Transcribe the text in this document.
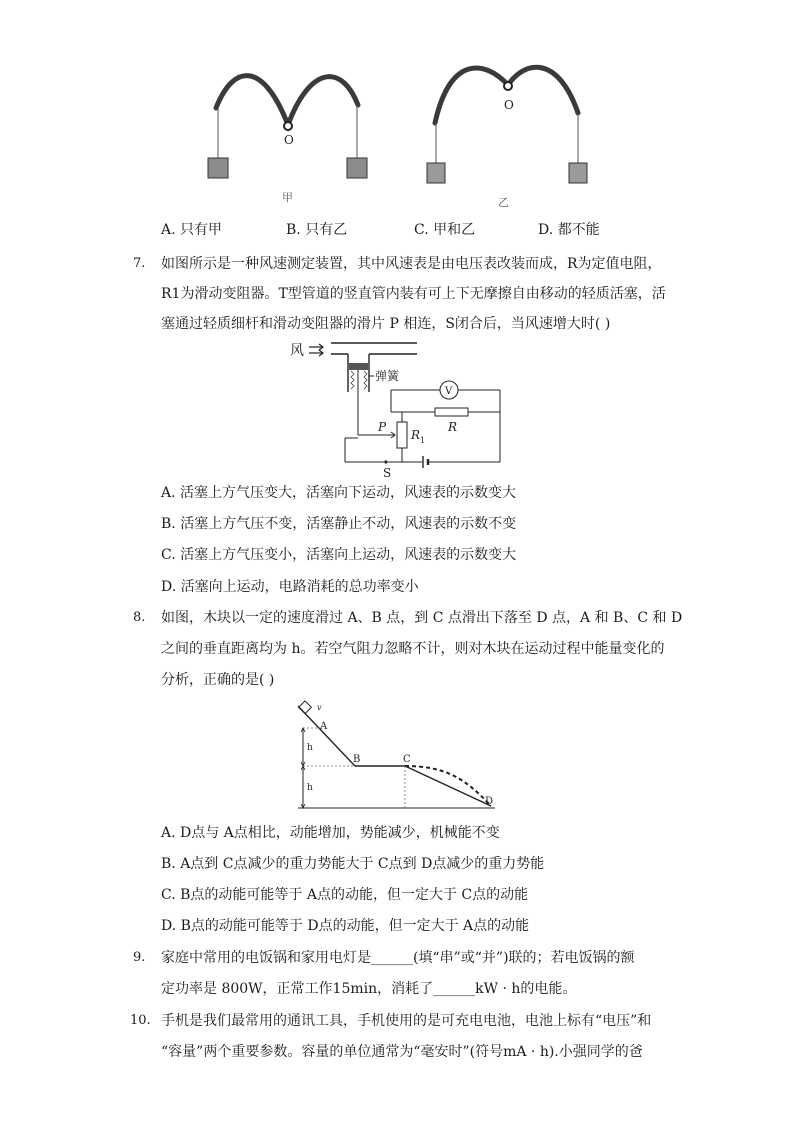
O
甲
O
乙
A. 只有甲	B. 只有乙	C. 甲和乙	D. 都不能
7. 如图所示是一种风速测定装置，其中风速表是由电压表改装而成，R为定值电阻，
R1为滑动变阻器。T型管道的竖直管内装有可上下无摩擦自由移动的轻质活塞，活
塞通过轻质细杆和滑动变阻器的滑片 P 相连，S闭合后，当风速增大时( )
风
弹簧
P
R 1
R
V
S
A. 活塞上方气压变大，活塞向下运动，风速表的示数变大
B. 活塞上方气压不变，活塞静止不动，风速表的示数不变
C. 活塞上方气压变小，活塞向上运动，风速表的示数变大
D. 活塞向上运动，电路消耗的总功率变小
8. 如图，木块以一定的速度滑过 A、B 点，到 C 点滑出下落至 D 点，A 和 B、C 和 D
之间的垂直距离均为 h。若空气阻力忽略不计，则对木块在运动过程中能量变化的
分析，正确的是( )
v
A
B	C
D
h
h
A. D点与 A点相比，动能增加，势能减少，机械能不变
B. A点到 C点减少的重力势能大于 C点到 D点减少的重力势能
C. B点的动能可能等于 A点的动能，但一定大于 C点的动能
D. B点的动能可能等于 D点的动能，但一定大于 A点的动能
9. 家庭中常用的电饭锅和家用电灯是______(填“串”或“并”)联的；若电饭锅的额
定功率是 800W，正常工作15min，消耗了______kW · h的电能。
10. 手机是我们最常用的通讯工具，手机使用的是可充电电池，电池上标有“电压”和
“容量”两个重要参数。容量的单位通常为“毫安时”(符号mA · h).小强同学的爸
